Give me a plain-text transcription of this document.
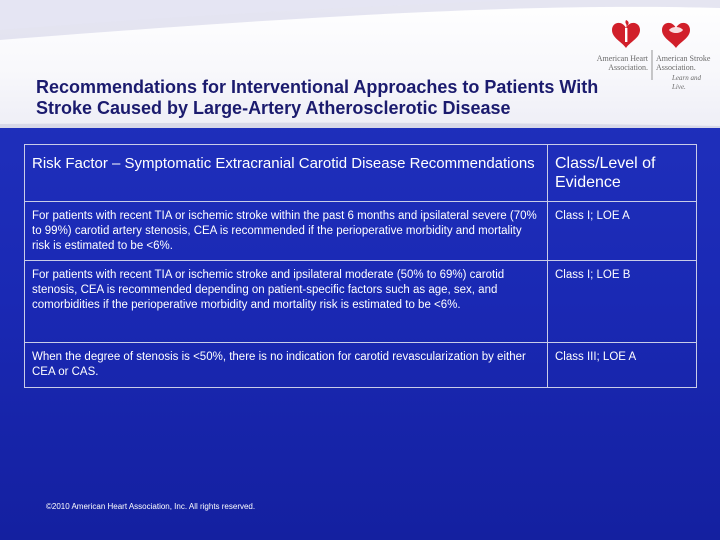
American Heart
Association.
American Stroke
Association.
Learn and Live.
Recommendations for Interventional Approaches to Patients With
Stroke Caused by Large-Artery Atherosclerotic Disease
Risk Factor – Symptomatic Extracranial Carotid Disease Recommendations	Class/Level of Evidence
For patients with recent TIA or ischemic stroke within the past 6 months and ipsilateral severe (70% to 99%) carotid artery stenosis, CEA is recommended if the perioperative morbidity and mortality risk is estimated to be <6%.	Class I; LOE A
For patients with recent TIA or ischemic stroke and ipsilateral moderate (50% to 69%) carotid stenosis, CEA is recommended depending on patient-specific factors such as age, sex, and comorbidities if the perioperative morbidity and mortality risk is estimated to be <6%.	Class I; LOE B
When the degree of stenosis is <50%, there is no indication for carotid revascularization by either CEA or CAS.	Class III; LOE A
©2010 American Heart Association, Inc. All rights reserved.
